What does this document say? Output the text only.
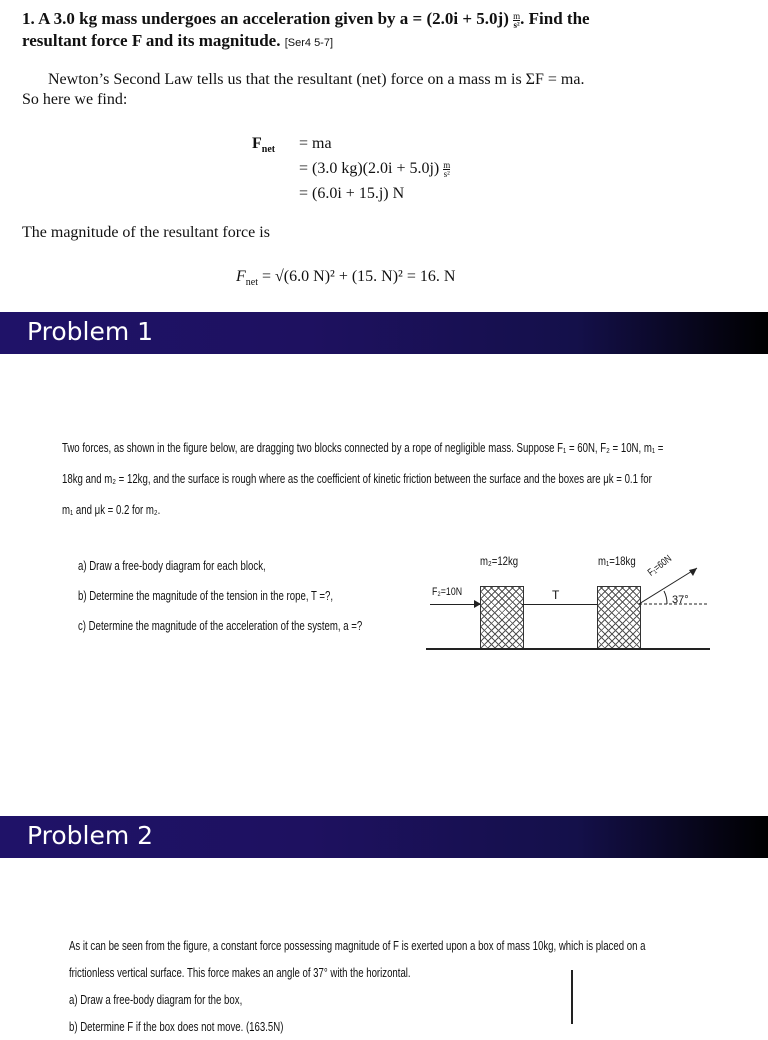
1. A 3.0 kg mass undergoes an acceleration given by $a = (2.0i + 5.0j) \frac{m}{\text{s²}}$. Find the
resultant force F and its magnitude. [Ser4 5-7]
Newton’s Second Law tells us that the resultant (net) force on a mass m is ΣF = ma.
So here we find:
$F_{net}$ = ma
= (3.0 $kg)(2.0i + 5.0j) \frac{m}{\text{s²}}$
= (6.0i + 15.j) N
The magnitude of the resultant force is
$F_{net} = √(6.0$ N)² + (15. N)² = 16. N
Problem 1
Two forces, as shown in the figure below, are dragging two blocks connected by a rope of negligible mass. Suppose F₁ = 60N, F₂ = 10N, m₁ =
18kg and m₂ = 12kg, and the surface is rough where as the coefficient of kinetic friction between the surface and the boxes are μk = 0.1 for
m₁ and μk = 0.2 for m₂.
a) Draw a free-body diagram for each block,
b) Determine the magnitude of the tension in the rope, T =?,
c) Determine the magnitude of the acceleration of the system, a =?
m₂=12kg	m₁=18kg
F₂=10N	T
F₁=60N
37°
Problem 2
As it can be seen from the figure, a constant force possessing magnitude of F is exerted upon a box of mass 10kg, which is placed on a
frictionless vertical surface. This force makes an angle of 37° with the horizontal.
a) Draw a free-body diagram for the box,
b) Determine F if the box does not move. (163.5N)
